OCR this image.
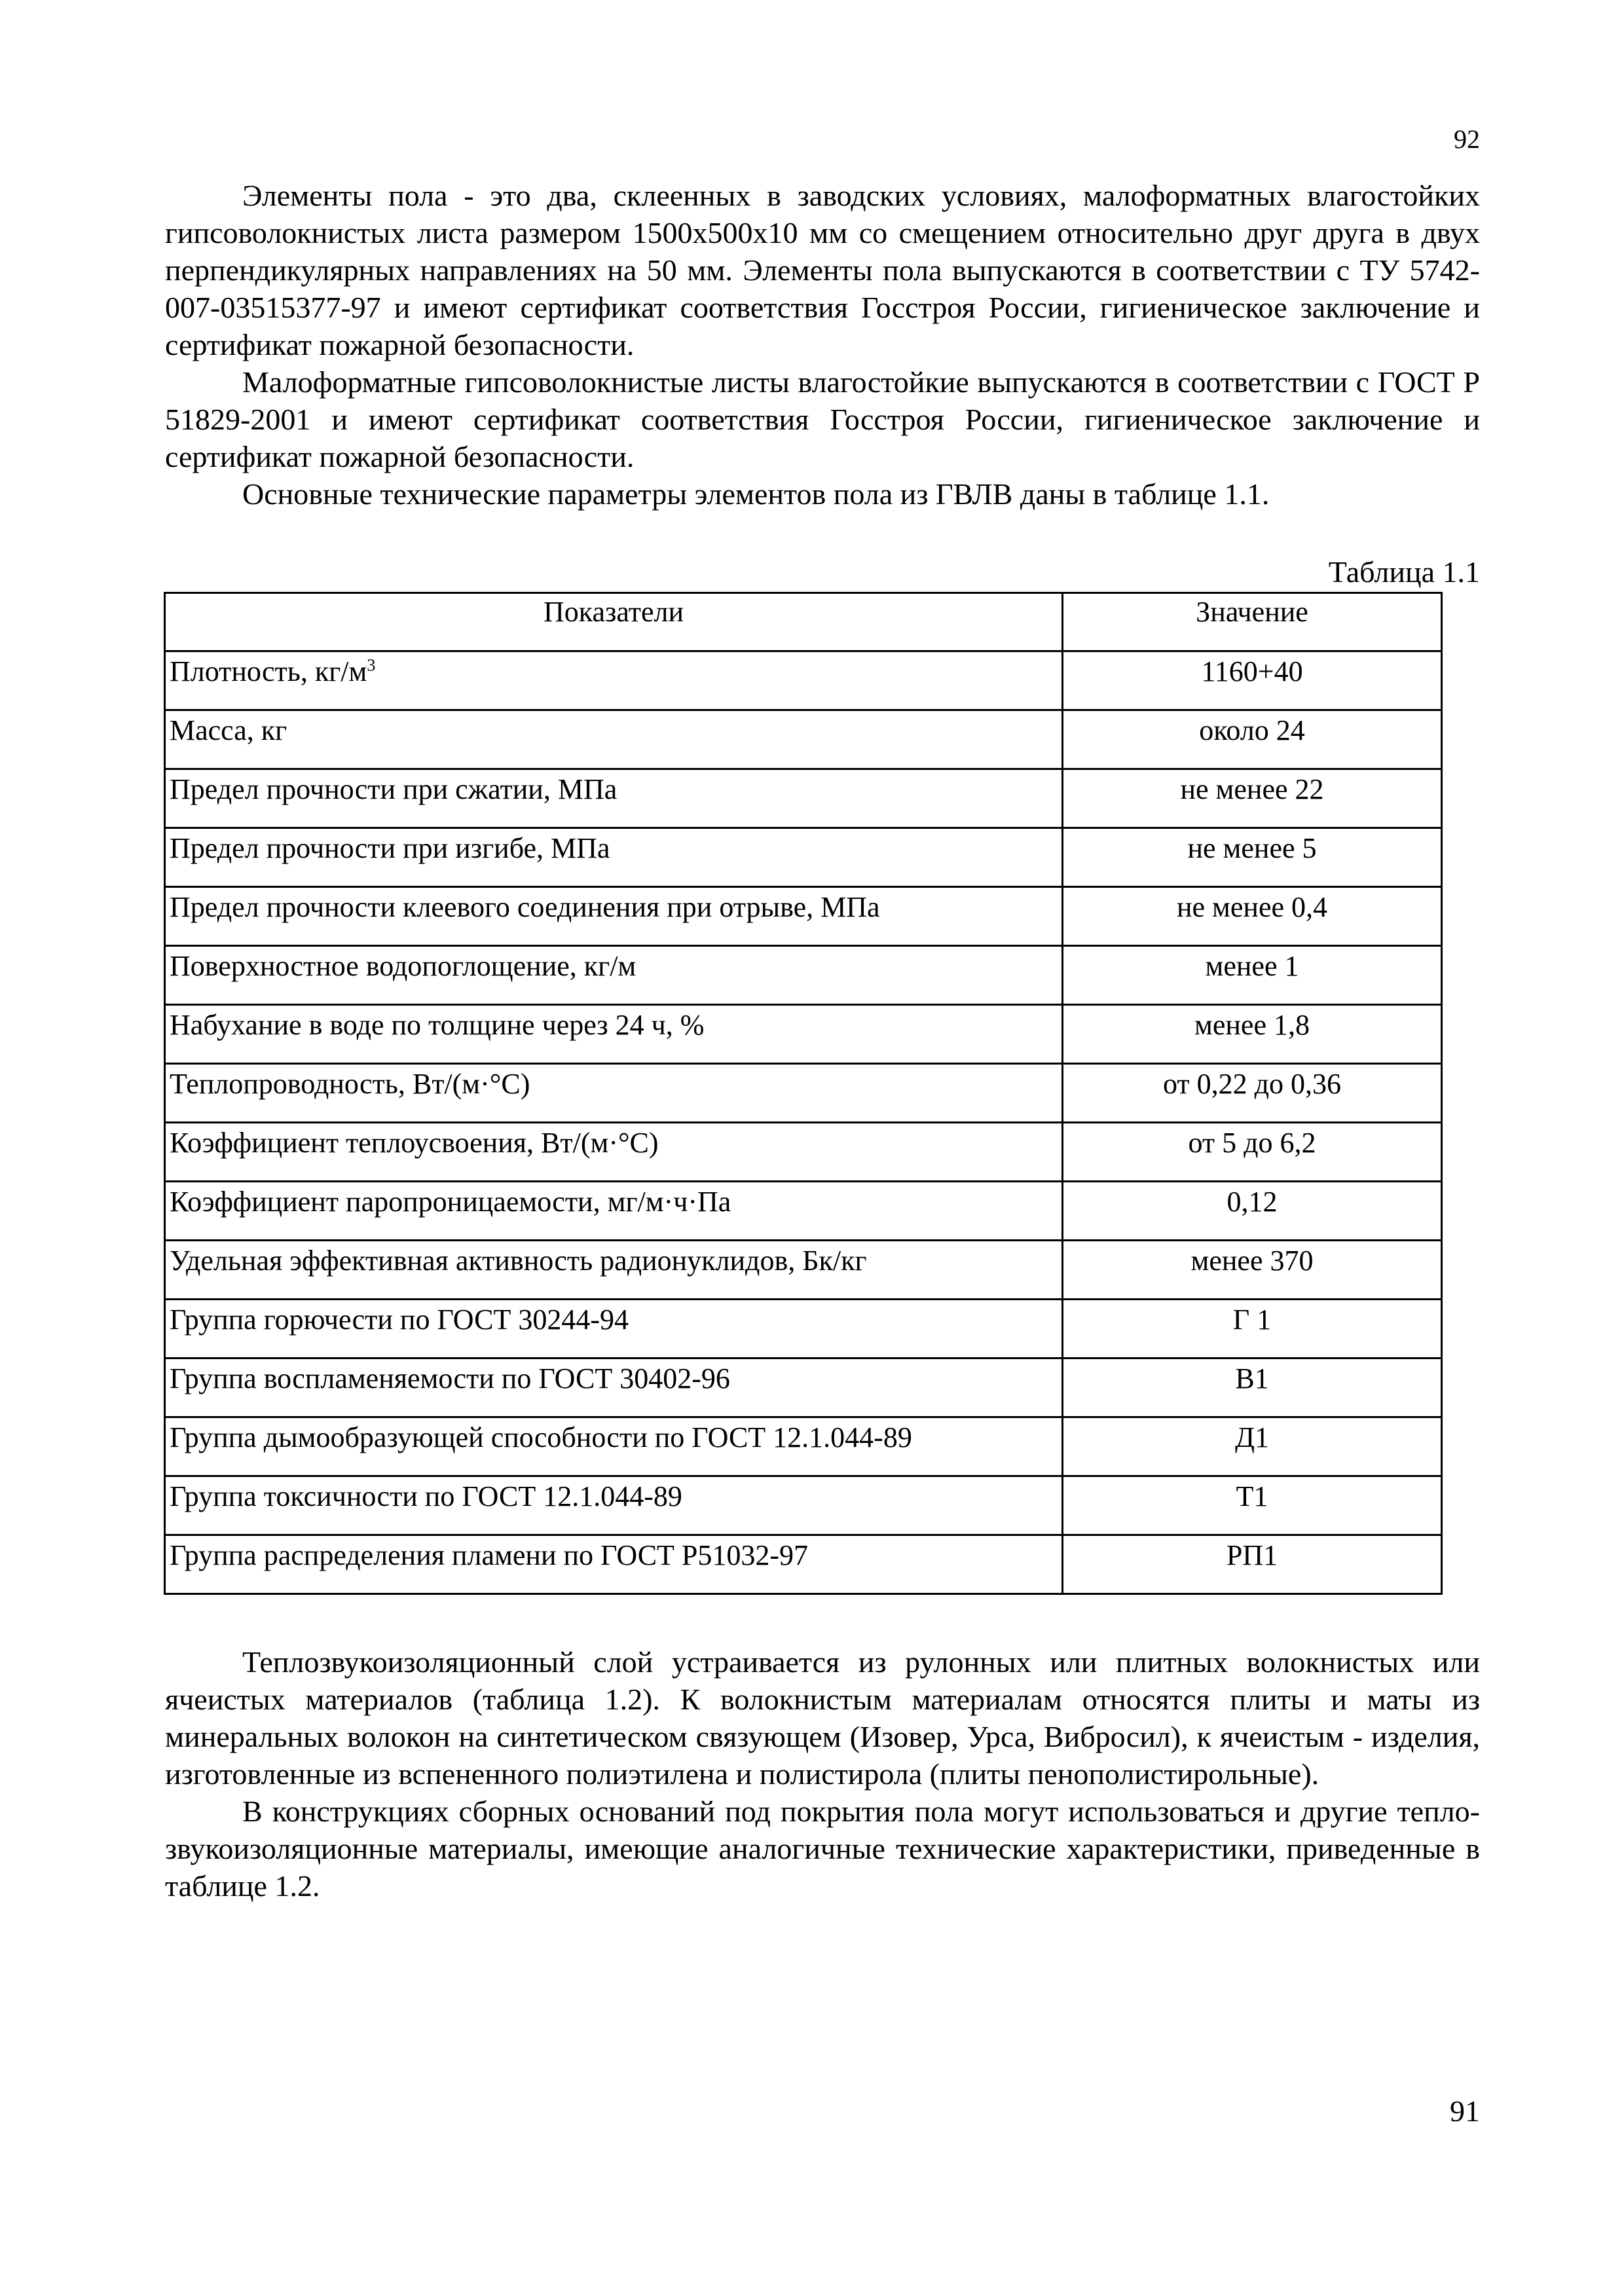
92

Элементы пола - это два, склеенных в заводских условиях, малоформатных влагостойких гипсоволокнистых листа размером 1500х500х10 мм со смещением относительно друг друга в двух перпендикулярных направлениях на 50 мм. Элементы пола выпускаются в соответствии с ТУ 5742-007-03515377-97 и имеют сертификат соответствия Госстроя России, гигиеническое заключение и сертификат пожарной безопасности.

Малоформатные гипсоволокнистые листы влагостойкие выпускаются в соответствии с ГОСТ Р 51829-2001 и имеют сертификат соответствия Госстроя России, гигиеническое заключение и сертификат пожарной безопасности.

Основные технические параметры элементов пола из ГВЛВ даны в таблице 1.1.

Таблица 1.1
Показатели	Значение
Плотность, $кг/м^3$	1160+40
Масса, кг	около 24
Предел прочности при сжатии, МПа	не менее 22
Предел прочности при изгибе, МПа	не менее 5
Предел прочности клеевого соединения при отрыве, МПа	не менее 0,4
Поверхностное водопоглощение, кг/м	менее 1
Набухание в воде по толщине через 24 ч, %	менее 1,8
Теплопроводность, Вт/(м·°С)	от 0,22 до 0,36
Коэффициент теплоусвоения, Вт/(м·°С)	от 5 до 6,2
Коэффициент паропроницаемости, мг/м·ч·Па	0,12
Удельная эффективная активность радионуклидов, Бк/кг	менее 370
Группа горючести по ГОСТ 30244-94	Г 1
Группа воспламеняемости по ГОСТ 30402-96	В1
Группа дымообразующей способности по ГОСТ 12.1.044-89	Д1
Группа токсичности по ГОСТ 12.1.044-89	Т1
Группа распределения пламени по ГОСТ Р51032-97	РП1

Теплозвукоизоляционный слой устраивается из рулонных или плитных волокнистых или ячеистых материалов (таблица 1.2). К волокнистым материалам относятся плиты и маты из минеральных волокон на синтетическом связующем (Изовер, Урса, Вибросил), к ячеистым - изделия, изготовленные из вспененного полиэтилена и полистирола (плиты пенополистирольные).

В конструкциях сборных оснований под покрытия пола могут использоваться и другие тепло-звукоизоляционные материалы, имеющие аналогичные технические характеристики, приведенные в таблице 1.2.

91
